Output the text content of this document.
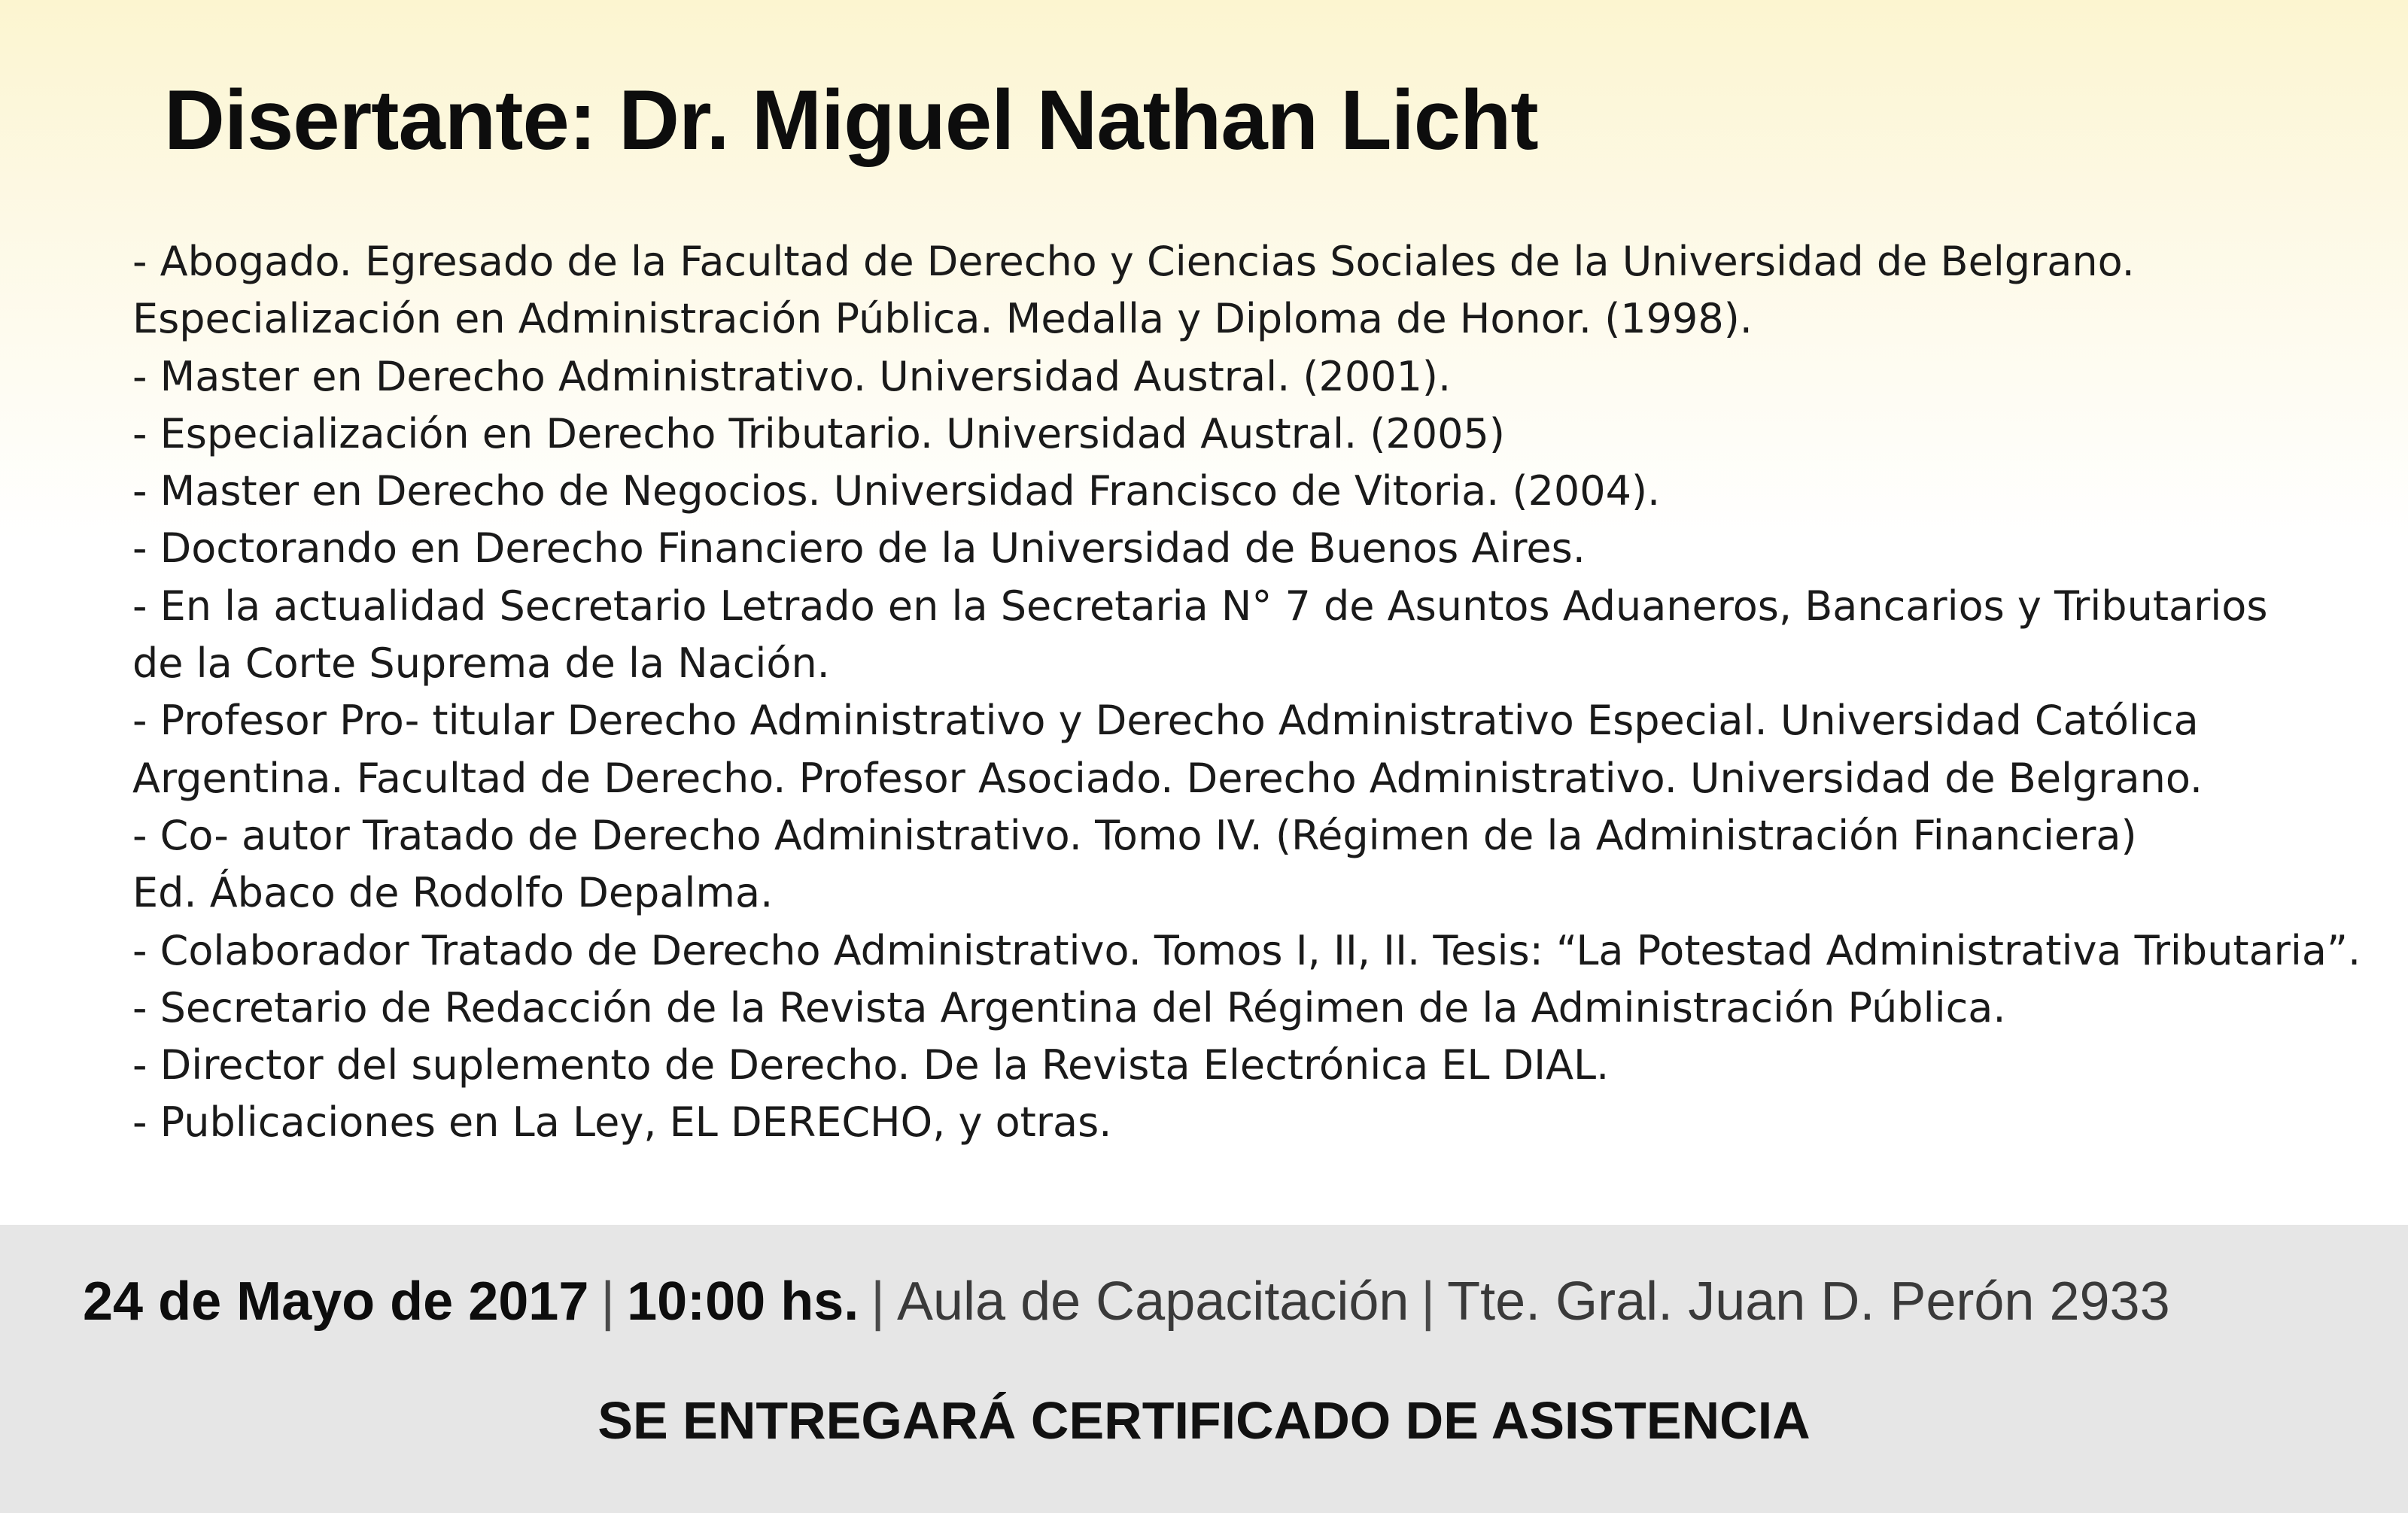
Disertante: Dr. Miguel Nathan Licht
- Abogado. Egresado de la Facultad de Derecho y Ciencias Sociales de la Universidad de Belgrano.
Especialización en Administración Pública. Medalla y Diploma de Honor. (1998).
- Master en Derecho Administrativo. Universidad Austral. (2001).
- Especialización en Derecho Tributario. Universidad Austral. (2005)
- Master en Derecho de Negocios. Universidad Francisco de Vitoria. (2004).
- Doctorando en Derecho Financiero de la Universidad de Buenos Aires.
- En la actualidad Secretario Letrado en la Secretaria N° 7 de Asuntos Aduaneros, Bancarios y Tributarios
de la Corte Suprema de la Nación.
- Profesor Pro- titular Derecho Administrativo y Derecho Administrativo Especial. Universidad Católica
Argentina. Facultad de Derecho. Profesor Asociado. Derecho Administrativo. Universidad de Belgrano.
- Co- autor Tratado de Derecho Administrativo. Tomo IV. (Régimen de la Administración Financiera)
Ed. Ábaco de Rodolfo Depalma.
- Colaborador Tratado de Derecho Administrativo. Tomos I, II, II. Tesis: “La Potestad Administrativa Tributaria”.
- Secretario de Redacción de la Revista Argentina del Régimen de la Administración Pública.
- Director del suplemento de Derecho. De la Revista Electrónica EL DIAL.
- Publicaciones en La Ley, EL DERECHO, y otras.
24 de Mayo de 2017 | 10:00 hs. | Aula de Capacitación | Tte. Gral. Juan D. Perón 2933
SE ENTREGARÁ CERTIFICADO DE ASISTENCIA
